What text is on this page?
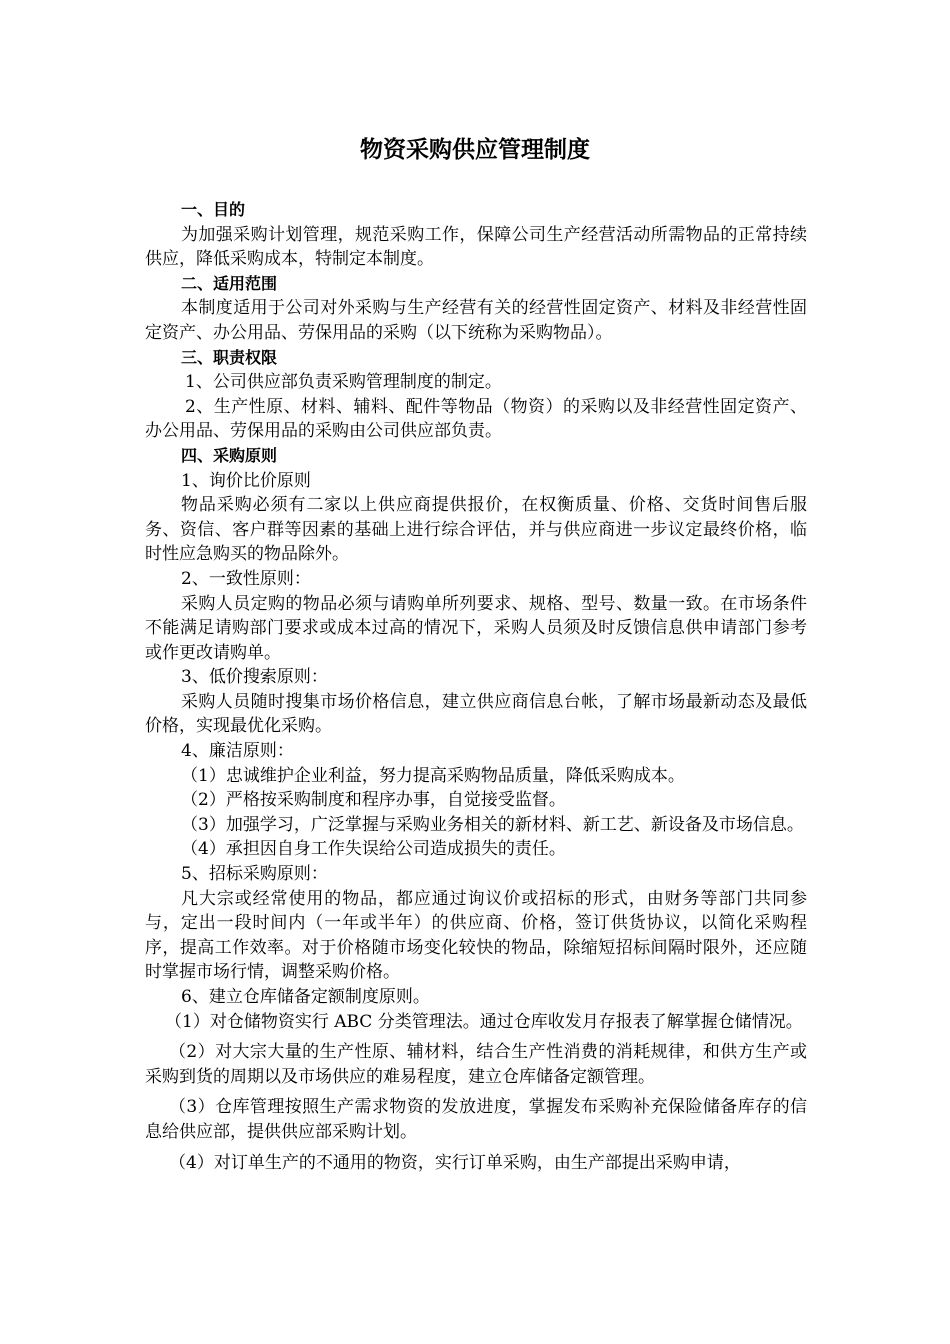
物资采购供应管理制度

一、目的

为加强采购计划管理，规范采购工作，保障公司生产经营活动所需物品的正常持续供应，降低采购成本，特制定本制度。

二、适用范围

本制度适用于公司对外采购与生产经营有关的经营性固定资产、材料及非经营性固定资产、办公用品、劳保用品的采购（以下统称为采购物品）。

三、职责权限

1、公司供应部负责采购管理制度的制定。

2、生产性原、材料、辅料、配件等物品（物资）的采购以及非经营性固定资产、办公用品、劳保用品的采购由公司供应部负责。

四、采购原则

1、询价比价原则

物品采购必须有二家以上供应商提供报价，在权衡质量、价格、交货时间售后服务、资信、客户群等因素的基础上进行综合评估，并与供应商进一步议定最终价格，临时性应急购买的物品除外。

2、一致性原则：

采购人员定购的物品必须与请购单所列要求、规格、型号、数量一致。在市场条件不能满足请购部门要求或成本过高的情况下，采购人员须及时反馈信息供申请部门参考或作更改请购单。

3、低价搜索原则：

采购人员随时搜集市场价格信息，建立供应商信息台帐，了解市场最新动态及最低价格，实现最优化采购。

4、廉洁原则：

（1）忠诚维护企业利益，努力提高采购物品质量，降低采购成本。

（2）严格按采购制度和程序办事，自觉接受监督。

（3）加强学习，广泛掌握与采购业务相关的新材料、新工艺、新设备及市场信息。

（4）承担因自身工作失误给公司造成损失的责任。

5、招标采购原则：

凡大宗或经常使用的物品，都应通过询议价或招标的形式，由财务等部门共同参与，定出一段时间内（一年或半年）的供应商、价格，签订供货协议，以简化采购程序，提高工作效率。对于价格随市场变化较快的物品，除缩短招标间隔时限外，还应随时掌握市场行情，调整采购价格。

6、建立仓库储备定额制度原则。

（1）对仓储物资实行 ABC 分类管理法。通过仓库收发月存报表了解掌握仓储情况。

（2）对大宗大量的生产性原、辅材料，结合生产性消费的消耗规律，和供方生产或采购到货的周期以及市场供应的难易程度，建立仓库储备定额管理。

（3）仓库管理按照生产需求物资的发放进度，掌握发布采购补充保险储备库存的信息给供应部，提供供应部采购计划。

（4）对订单生产的不通用的物资，实行订单采购，由生产部提出采购申请，
